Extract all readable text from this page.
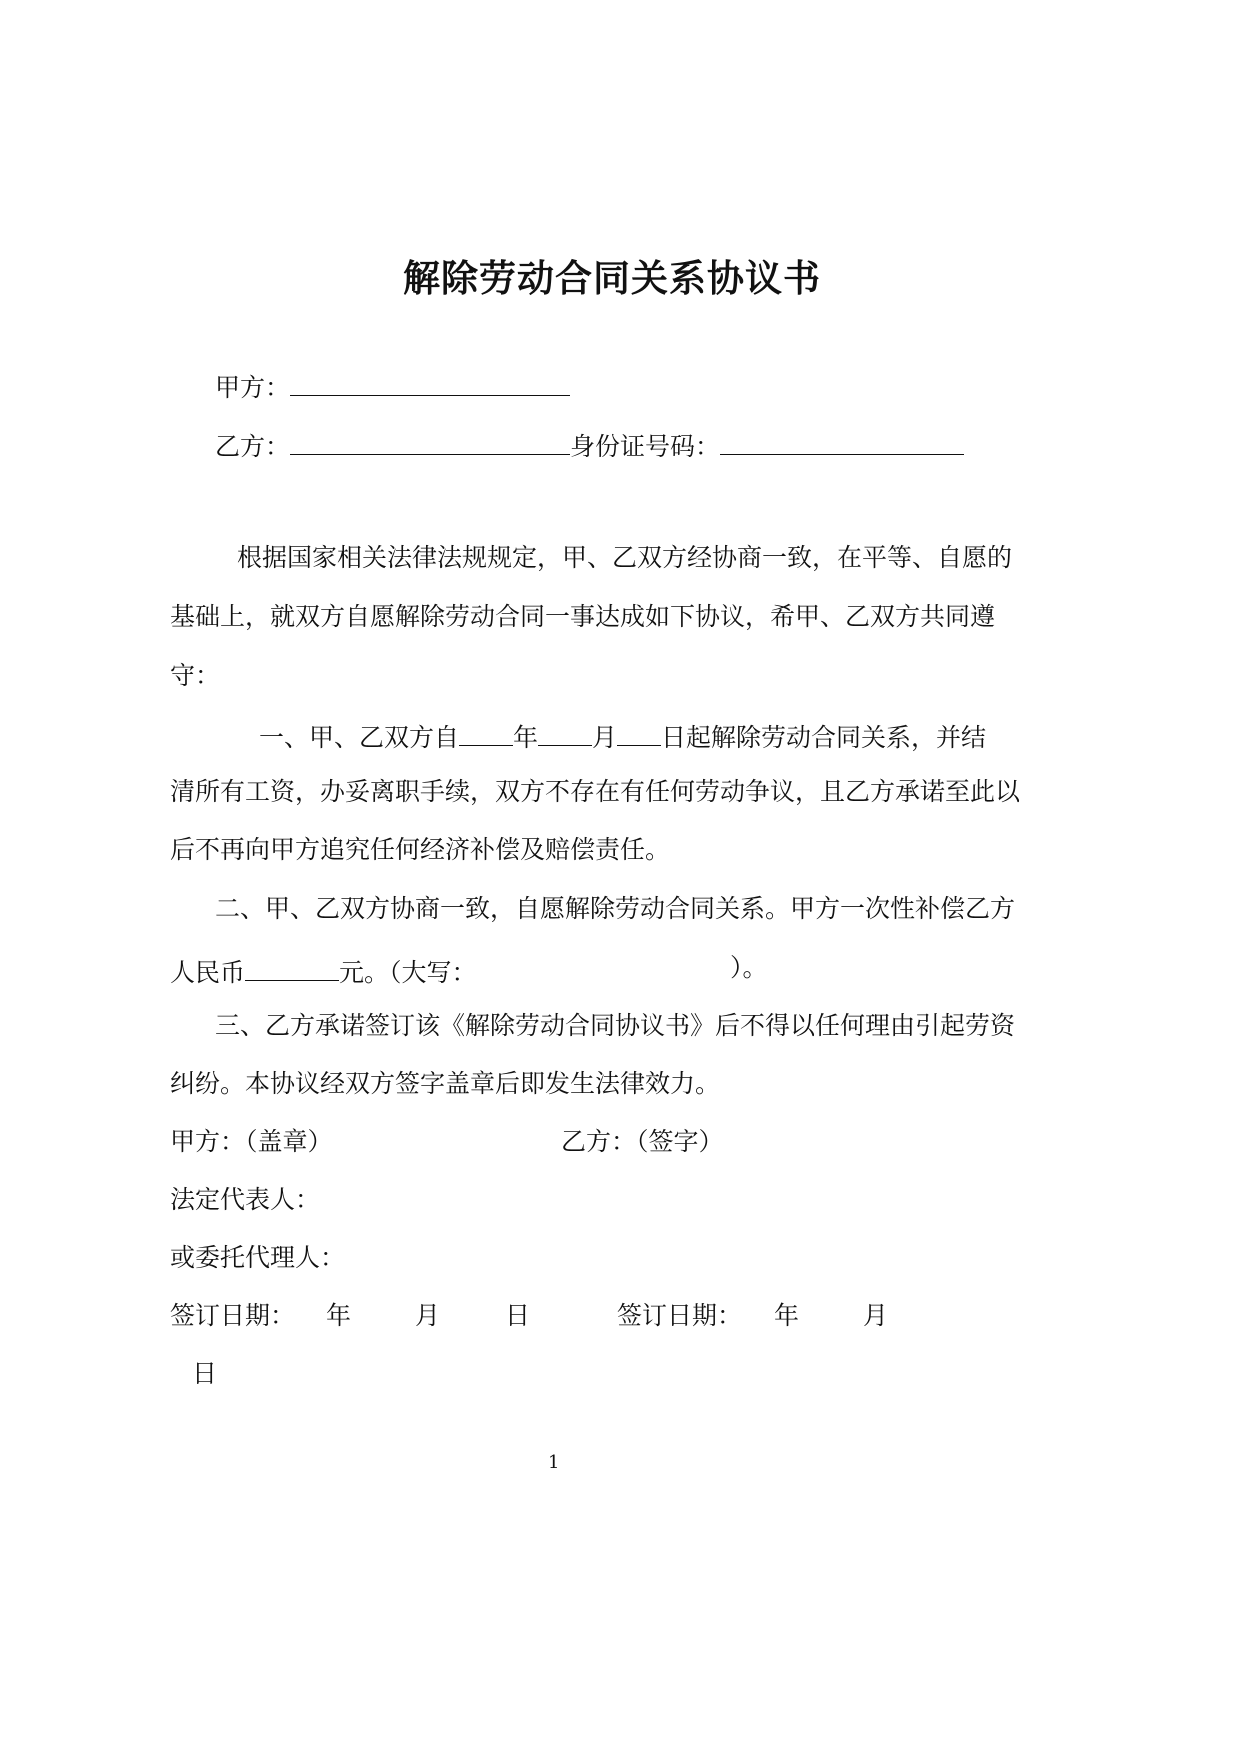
解除劳动合同关系协议书
甲方：
乙方：	身份证号码：
根据国家相关法律法规规定，甲、乙双方经协商一致，在平等、自愿的
基础上，就双方自愿解除劳动合同一事达成如下协议，希甲、乙双方共同遵
守：
一、甲、乙双方自 年 月 日起解除劳动合同关系，并结
清所有工资，办妥离职手续，双方不存在有任何劳动争议，且乙方承诺至此以
后不再向甲方追究任何经济补偿及赔偿责任。
二、甲、乙双方协商一致，自愿解除劳动合同关系。甲方一次性补偿乙方
人民币	元。（大写：	）。
三、乙方承诺签订该《解除劳动合同协议书》后不得以任何理由引起劳资
纠纷。本协议经双方签字盖章后即发生法律效力。
甲方：（盖章）	乙方：（签字）
法定代表人：
或委托代理人：
签订日期： 年	月	日	签订日期： 年	月
日
1
